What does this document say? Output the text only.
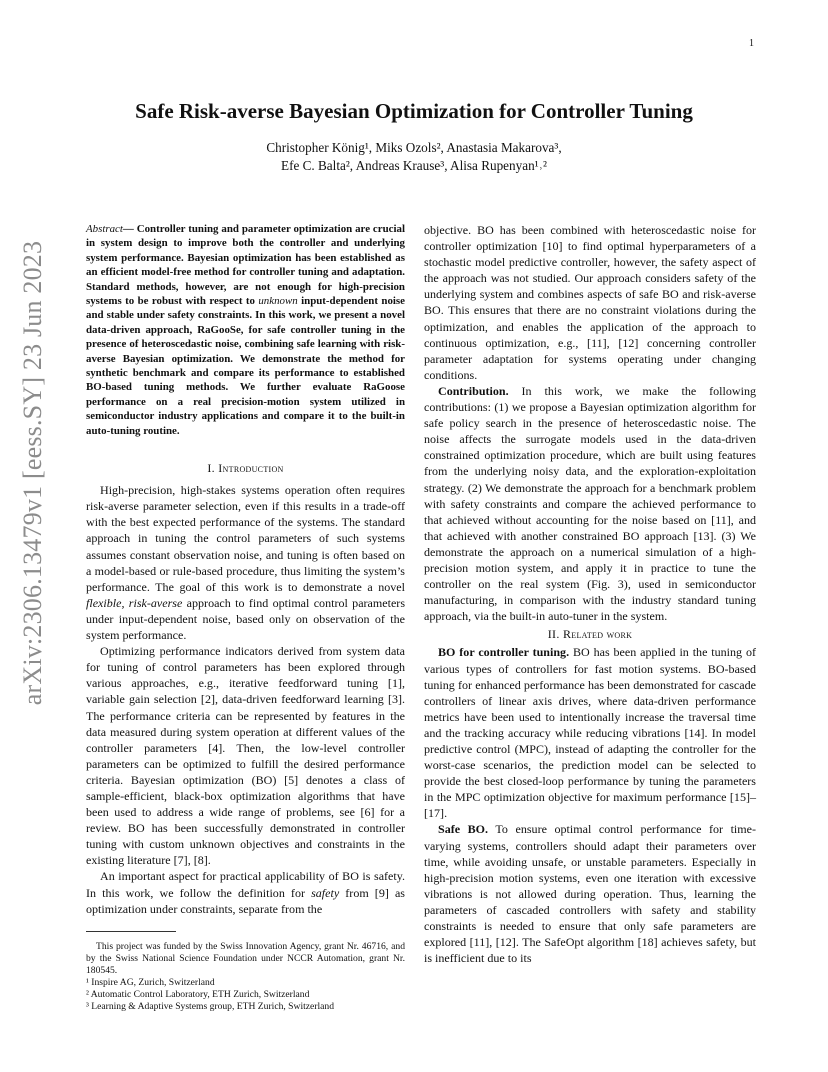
1
arXiv:2306.13479v1 [eess.SY] 23 Jun 2023
Safe Risk-averse Bayesian Optimization for Controller Tuning

Christopher König¹, Miks Ozols², Anastasia Makarova³,

Efe C. Balta², Andreas Krause³, Alisa Rupenyan¹˒²

Abstract— Controller tuning and parameter optimization are crucial in system design to improve both the controller and underlying system performance. Bayesian optimization has been established as an efficient model-free method for controller tuning and adaptation. Standard methods, however, are not enough for high-precision systems to be robust with respect to unknown input-dependent noise and stable under safety constraints. In this work, we present a novel data-driven approach, RaGooSe, for safe controller tuning in the presence of heteroscedastic noise, combining safe learning with risk-averse Bayesian optimization. We demonstrate the method for synthetic benchmark and compare its performance to established BO-based tuning methods. We further evaluate RaGoose performance on a real precision-motion system utilized in semiconductor industry applications and compare it to the built-in auto-tuning routine.

I. Introduction

High-precision, high-stakes systems operation often requires risk-averse parameter selection, even if this results in a trade-off with the best expected performance of the systems. The standard approach in tuning the control parameters of such systems assumes constant observation noise, and tuning is often based on a model-based or rule-based procedure, thus limiting the system’s performance. The goal of this work is to demonstrate a novel flexible, risk-averse approach to find optimal control parameters under input-dependent noise, based only on observation of the system performance.

Optimizing performance indicators derived from system data for tuning of control parameters has been explored through various approaches, e.g., iterative feedforward tuning [1], variable gain selection [2], data-driven feedforward learning [3]. The performance criteria can be represented by features in the data measured during system operation at different values of the controller parameters [4]. Then, the low-level controller parameters can be optimized to fulfill the desired performance criteria. Bayesian optimization (BO) [5] denotes a class of sample-efficient, black-box optimization algorithms that have been used to address a wide range of problems, see [6] for a review. BO has been successfully demonstrated in controller tuning with custom unknown objectives and constraints in the existing literature [7], [8].

An important aspect for practical applicability of BO is safety. In this work, we follow the definition for safety from [9] as optimization under constraints, separate from the

This project was funded by the Swiss Innovation Agency, grant Nr. 46716, and by the Swiss National Science Foundation under NCCR Automation, grant Nr. 180545.

¹ Inspire AG, Zurich, Switzerland

² Automatic Control Laboratory, ETH Zurich, Switzerland

³ Learning & Adaptive Systems group, ETH Zurich, Switzerland

objective. BO has been combined with heteroscedastic noise for controller optimization [10] to find optimal hyperparameters of a stochastic model predictive controller, however, the safety aspect of the approach was not studied. Our approach considers safety of the underlying system and combines aspects of safe BO and risk-averse BO. This ensures that there are no constraint violations during the optimization, and enables the application of the approach to continuous optimization, e.g., [11], [12] concerning controller parameter adaptation for systems operating under changing conditions.

Contribution. In this work, we make the following contributions: (1) we propose a Bayesian optimization algorithm for safe policy search in the presence of heteroscedastic noise. The noise affects the surrogate models used in the data-driven constrained optimization procedure, which are built using features from the underlying noisy data, and the exploration-exploitation strategy. (2) We demonstrate the approach for a benchmark problem with safety constraints and compare the achieved performance to that achieved without accounting for the noise based on [11], and that achieved with another constrained BO approach [13]. (3) We demonstrate the approach on a numerical simulation of a high-precision motion system, and apply it in practice to tune the controller on the real system (Fig. 3), used in semiconductor manufacturing, in comparison with the industry standard tuning approach, via the built-in auto-tuner in the system.

II. Related work

BO for controller tuning. BO has been applied in the tuning of various types of controllers for fast motion systems. BO-based tuning for enhanced performance has been demonstrated for cascade controllers of linear axis drives, where data-driven performance metrics have been used to intentionally increase the traversal time and the tracking accuracy while reducing vibrations [14]. In model predictive control (MPC), instead of adapting the controller for the worst-case scenarios, the prediction model can be selected to provide the best closed-loop performance by tuning the parameters in the MPC optimization objective for maximum performance [15]–[17].

Safe BO. To ensure optimal control performance for time-varying systems, controllers should adapt their parameters over time, while avoiding unsafe, or unstable parameters. Especially in high-precision motion systems, even one iteration with excessive vibrations is not allowed during operation. Thus, learning the parameters of cascaded controllers with safety and stability constraints is needed to ensure that only safe parameters are explored [11], [12]. The SafeOpt algorithm [18] achieves safety, but is inefficient due to its
